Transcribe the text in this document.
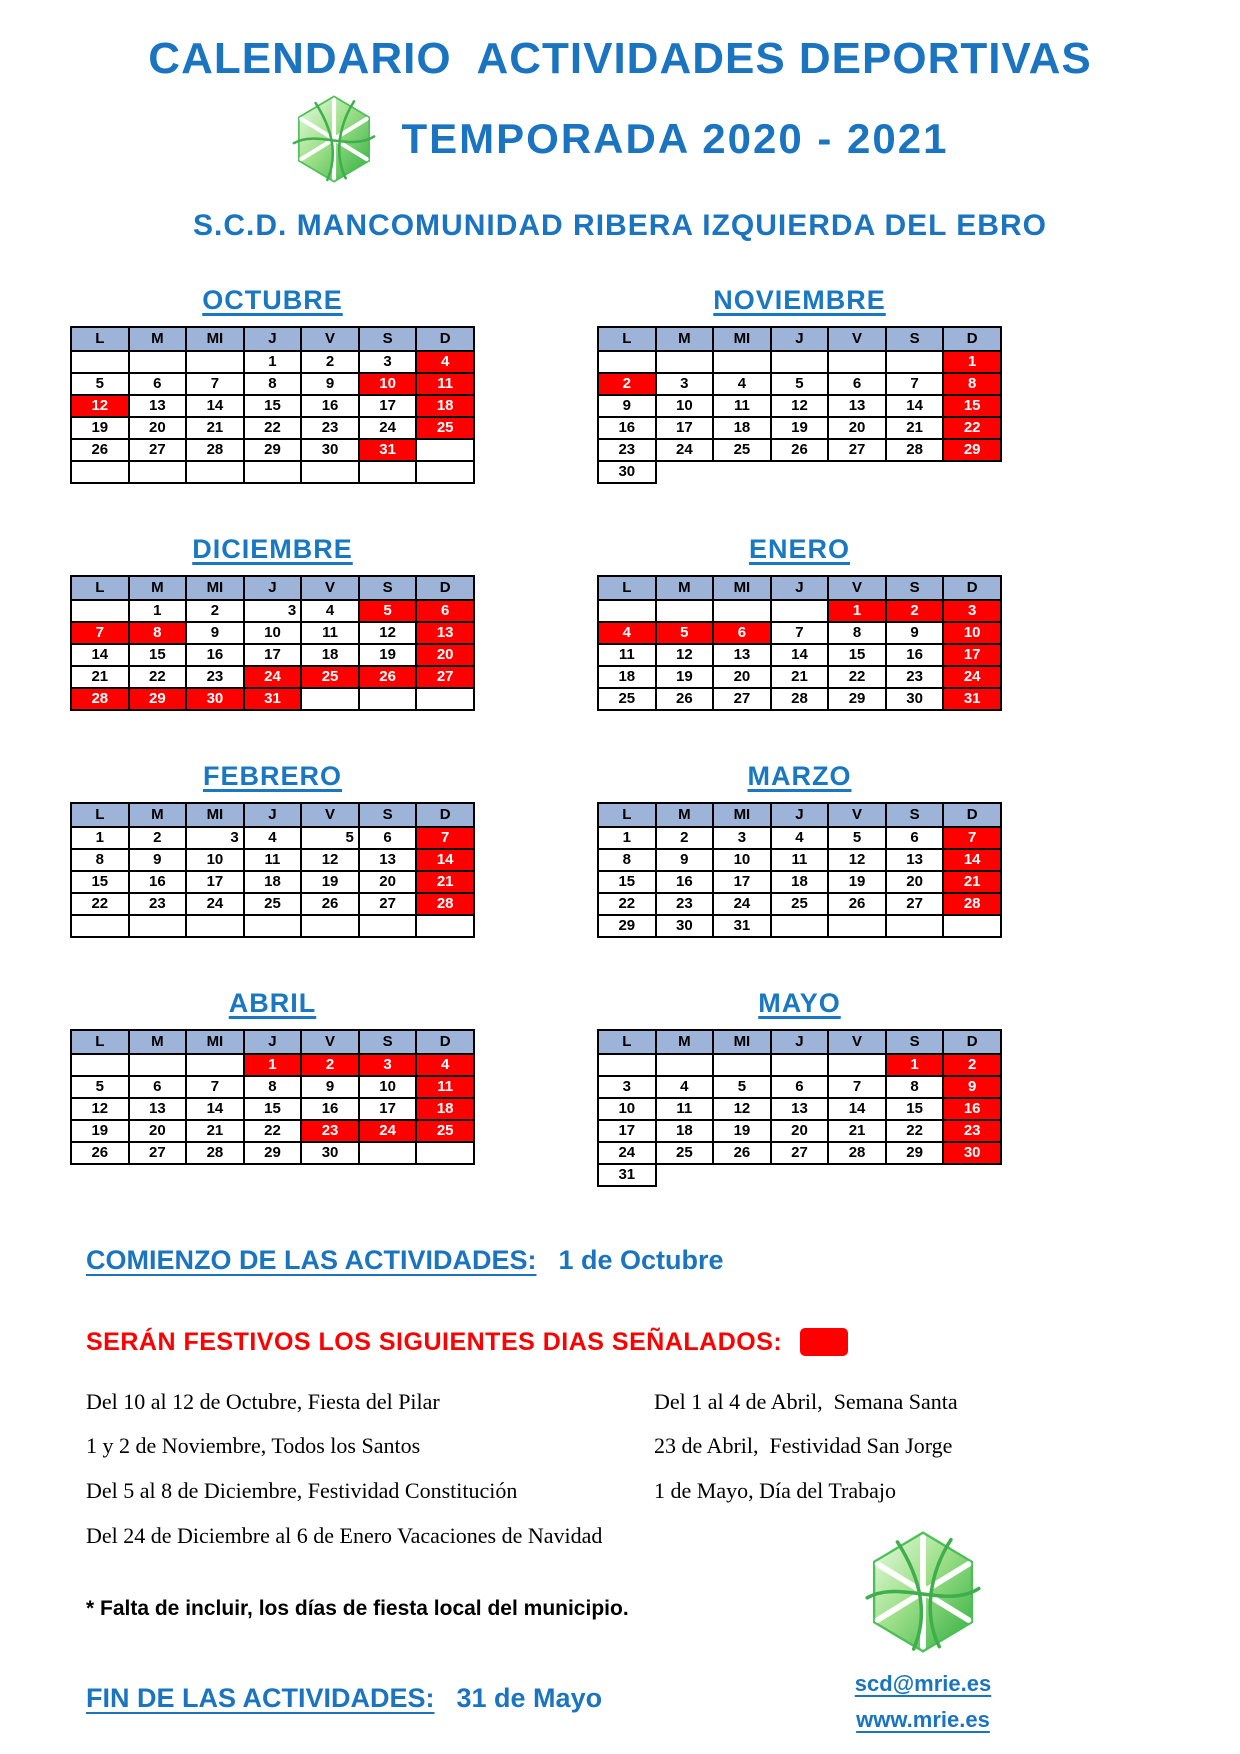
CALENDARIO  ACTIVIDADES DEPORTIVAS
TEMPORADA 2020 - 2021
S.C.D. MANCOMUNIDAD RIBERA IZQUIERDA DEL EBRO
OCTUBRE
L	M	MI	J	V	S	D
			1	2	3	4
5	6	7	8	9	10	11
12	13	14	15	16	17	18
19	20	21	22	23	24	25
26	27	28	29	30	31	

NOVIEMBRE
L	M	MI	J	V	S	D
						1
2	3	4	5	6	7	8
9	10	11	12	13	14	15
16	17	18	19	20	21	22
23	24	25	26	27	28	29
30						
DICIEMBRE
L	M	MI	J	V	S	D
	1	2	3	4	5	6
7	8	9	10	11	12	13
14	15	16	17	18	19	20
21	22	23	24	25	26	27
28	29	30	31			
ENERO
L	M	MI	J	V	S	D
				1	2	3
4	5	6	7	8	9	10
11	12	13	14	15	16	17
18	19	20	21	22	23	24
25	26	27	28	29	30	31
FEBRERO
L	M	MI	J	V	S	D
1	2	3	4	5	6	7
8	9	10	11	12	13	14
15	16	17	18	19	20	21
22	23	24	25	26	27	28

MARZO
L	M	MI	J	V	S	D
1	2	3	4	5	6	7
8	9	10	11	12	13	14
15	16	17	18	19	20	21
22	23	24	25	26	27	28
29	30	31				
ABRIL
L	M	MI	J	V	S	D
			1	2	3	4
5	6	7	8	9	10	11
12	13	14	15	16	17	18
19	20	21	22	23	24	25
26	27	28	29	30		
MAYO
L	M	MI	J	V	S	D
					1	2
3	4	5	6	7	8	9
10	11	12	13	14	15	16
17	18	19	20	21	22	23
24	25	26	27	28	29	30
31						
COMIENZO DE LAS ACTIVIDADES: 1 de Octubre
SERÁN FESTIVOS LOS SIGUIENTES DIAS SEÑALADOS:
Del 10 al 12 de Octubre, Fiesta del Pilar
1 y 2 de Noviembre, Todos los Santos
Del 5 al 8 de Diciembre, Festividad Constitución
Del 24 de Diciembre al 6 de Enero Vacaciones de Navidad
Del 1 al 4 de Abril,  Semana Santa
23 de Abril,  Festividad San Jorge
1 de Mayo, Día del Trabajo
* Falta de incluir, los días de fiesta local del municipio.
FIN DE LAS ACTIVIDADES: 31 de Mayo	scd@mrie.es
www.mrie.es
